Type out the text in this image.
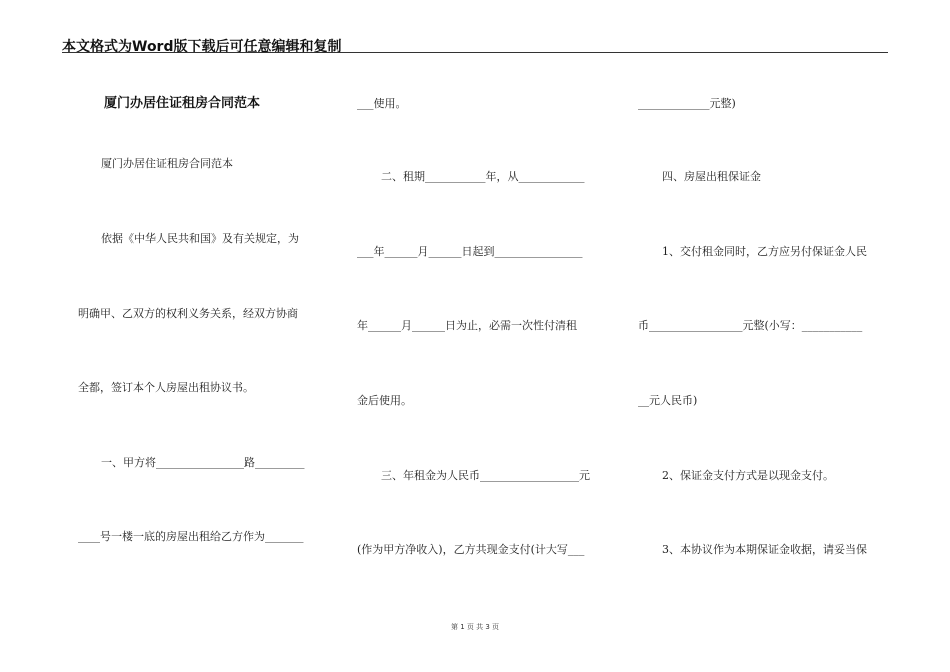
本文格式为Word版下载后可任意编辑和复制
厦门办居住证租房合同范本
厦门办居住证租房合同范本
依据《中华人民共和国》及有关规定，为
明确甲、乙双方的权利义务关系，经双方协商
全都，签订本个人房屋出租协议书。
一、甲方将________________路_________
____号一楼一底的房屋出租给乙方作为_______
___使用。
二、租期___________年，从____________
___年______月______日起到________________
年______月______日为止，必需一次性付清租
金后使用。
三、年租金为人民币__________________元
(作为甲方净收入)，乙方共现金支付(计大写___
_____________元整)
四、房屋出租保证金
1、交付租金同时，乙方应另付保证金人民
币_________________元整(小写：___________
__元人民币)
2、保证金支付方式是以现金支付。
3、本协议作为本期保证金收据，请妥当保
第 1 页 共 3 页
